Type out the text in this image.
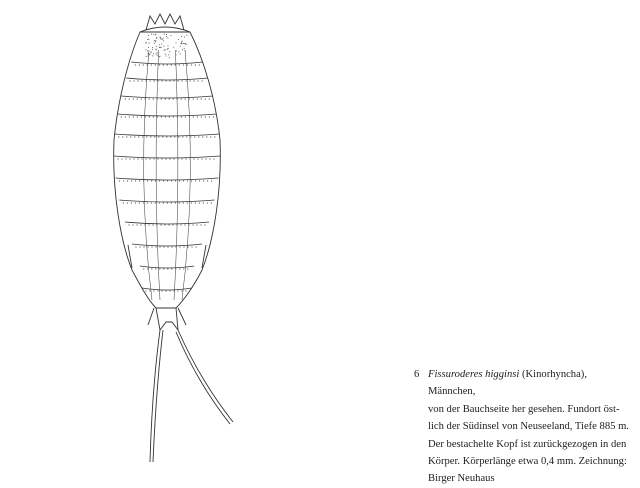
6 Fissuroderes higginsi (Kinorhyncha), Männchen,
von der Bauchseite her gesehen. Fundort öst-
lich der Südinsel von Neuseeland, Tiefe 885 m.
Der bestachelte Kopf ist zurückgezogen in den
Körper. Körperlänge etwa 0,4 mm. Zeichnung:
Birger Neuhaus
